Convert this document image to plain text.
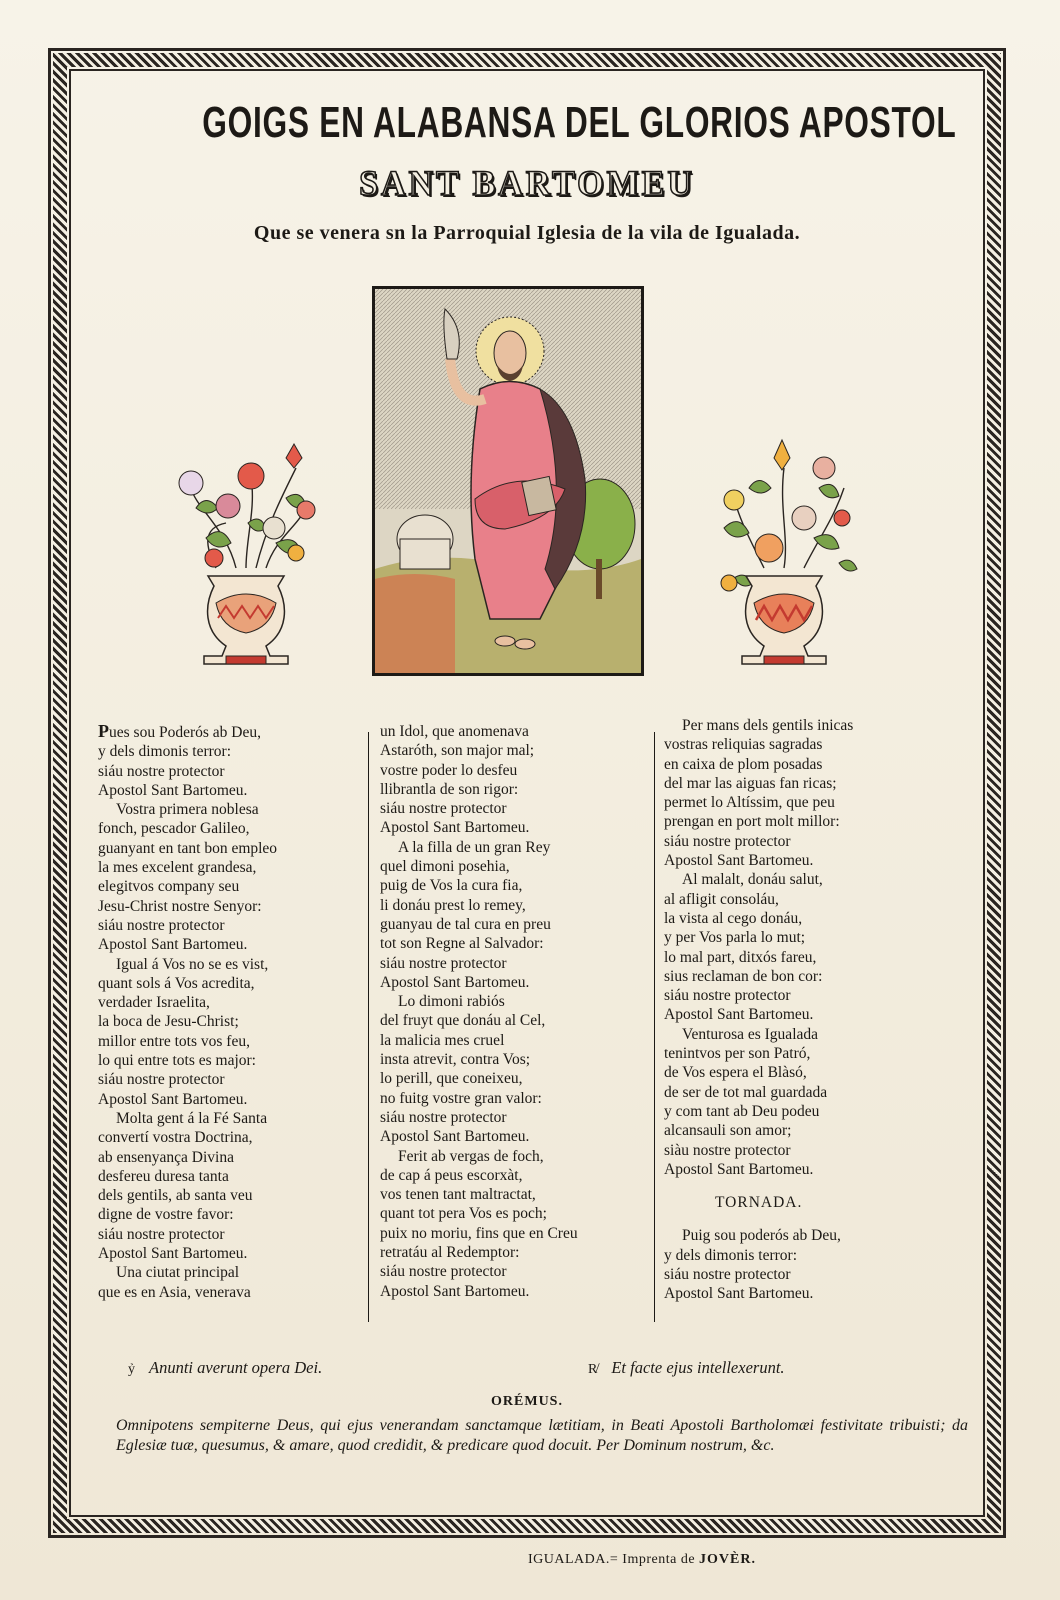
GOIGS EN ALABANSA DEL GLORIOS APOSTOL
SANT BARTOMEU
Que se venera sn la Parroquial Iglesia de la vila de Igualada.
Pues sou Poderós ab Deu,
y dels dimonis terror:
siáu nostre protector
Apostol Sant Bartomeu.
Vostra primera noblesa
fonch, pescador Galileo,
guanyant en tant bon empleo
la mes excelent grandesa,
elegitvos company seu
Jesu-Christ nostre Senyor:
siáu nostre protector
Apostol Sant Bartomeu.
Igual á Vos no se es vist,
quant sols á Vos acredita,
verdader Israelita,
la boca de Jesu-Christ;
millor entre tots vos feu,
lo qui entre tots es major:
siáu nostre protector
Apostol Sant Bartomeu.
Molta gent á la Fé Santa
convertí vostra Doctrina,
ab ensenyança Divina
desfereu duresa tanta
dels gentils, ab santa veu
digne de vostre favor:
siáu nostre protector
Apostol Sant Bartomeu.
Una ciutat principal
que es en Asia, venerava
un Idol, que anomenava
Astaróth, son major mal;
vostre poder lo desfeu
llibrantla de son rigor:
siáu nostre protector
Apostol Sant Bartomeu.
A la filla de un gran Rey
quel dimoni posehia,
puig de Vos la cura fia,
li donáu prest lo remey,
guanyau de tal cura en preu
tot son Regne al Salvador:
siáu nostre protector
Apostol Sant Bartomeu.
Lo dimoni rabiós
del fruyt que donáu al Cel,
la malicia mes cruel
insta atrevit, contra Vos;
lo perill, que coneixeu,
no fuitg vostre gran valor:
siáu nostre protector
Apostol Sant Bartomeu.
Ferit ab vergas de foch,
de cap á peus escorxàt,
vos tenen tant maltractat,
quant tot pera Vos es poch;
puix no moriu, fins que en Creu
retratáu al Redemptor:
siáu nostre protector
Apostol Sant Bartomeu.
Per mans dels gentils inicas
vostras reliquias sagradas
en caixa de plom posadas
del mar las aiguas fan ricas;
permet lo Altíssim, que peu
prengan en port molt millor:
siáu nostre protector
Apostol Sant Bartomeu.
Al malalt, donáu salut,
al afligit consoláu,
la vista al cego donáu,
y per Vos parla lo mut;
lo mal part, ditxós fareu,
sius reclaman de bon cor:
siáu nostre protector
Apostol Sant Bartomeu.
Venturosa es Igualada
tenintvos per son Patró,
de Vos espera el Blàsó,
de ser de tot mal guardada
y com tant ab Deu podeu
alcansauli son amor;
siàu nostre protector
Apostol Sant Bartomeu.
TORNADA.
Puig sou poderós ab Deu,
y dels dimonis terror:
siáu nostre protector
Apostol Sant Bartomeu.
ỷ Anunti averunt opera Dei.	R̸ Et facte ejus intellexerunt.
ORÉMUS.
Omnipotens sempiterne Deus, qui ejus venerandam sanctamque lætitiam, in Beati Apostoli Bartholomæi festivitate tribuisti; da Eglesiæ tuæ, quesumus, & amare, quod credidit, & predicare quod docuit. Per Dominum nostrum, &c.
IGUALADA.= Imprenta de JOVÈR.
